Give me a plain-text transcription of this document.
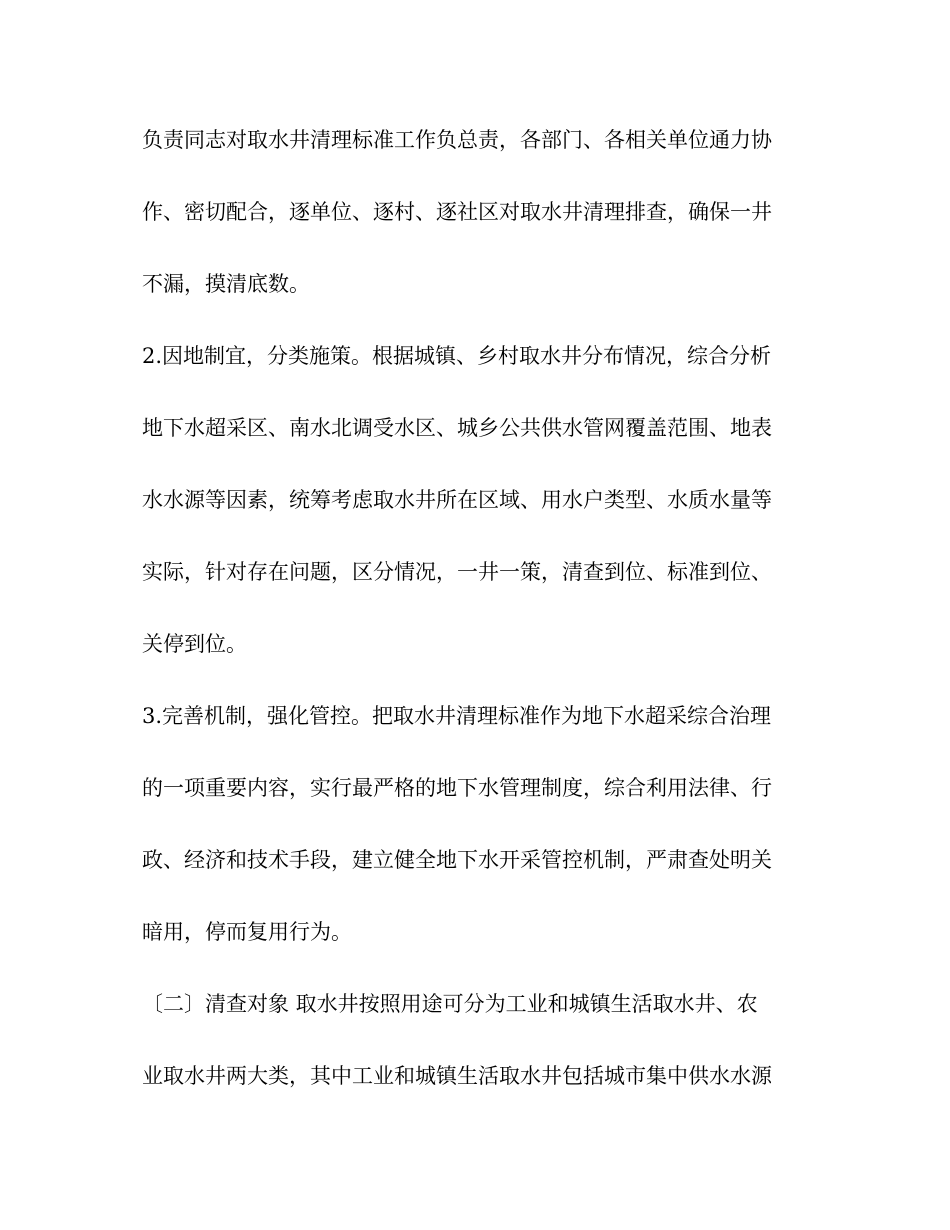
负责同志对取水井清理标准工作负总责，各部门、各相关单位通力协
作、密切配合，逐单位、逐村、逐社区对取水井清理排查，确保一井
不漏，摸清底数。
2.因地制宜，分类施策。根据城镇、乡村取水井分布情况，综合分析
地下水超采区、南水北调受水区、城乡公共供水管网覆盖范围、地表
水水源等因素，统筹考虑取水井所在区域、用水户类型、水质水量等
实际，针对存在问题，区分情况，一井一策，清查到位、标准到位、
关停到位。
3.完善机制，强化管控。把取水井清理标准作为地下水超采综合治理
的一项重要内容，实行最严格的地下水管理制度，综合利用法律、行
政、经济和技术手段，建立健全地下水开采管控机制，严肃查处明关
暗用，停而复用行为。
〔二〕清查对象 取水井按照用途可分为工业和城镇生活取水井、农
业取水井两大类，其中工业和城镇生活取水井包括城市集中供水水源
